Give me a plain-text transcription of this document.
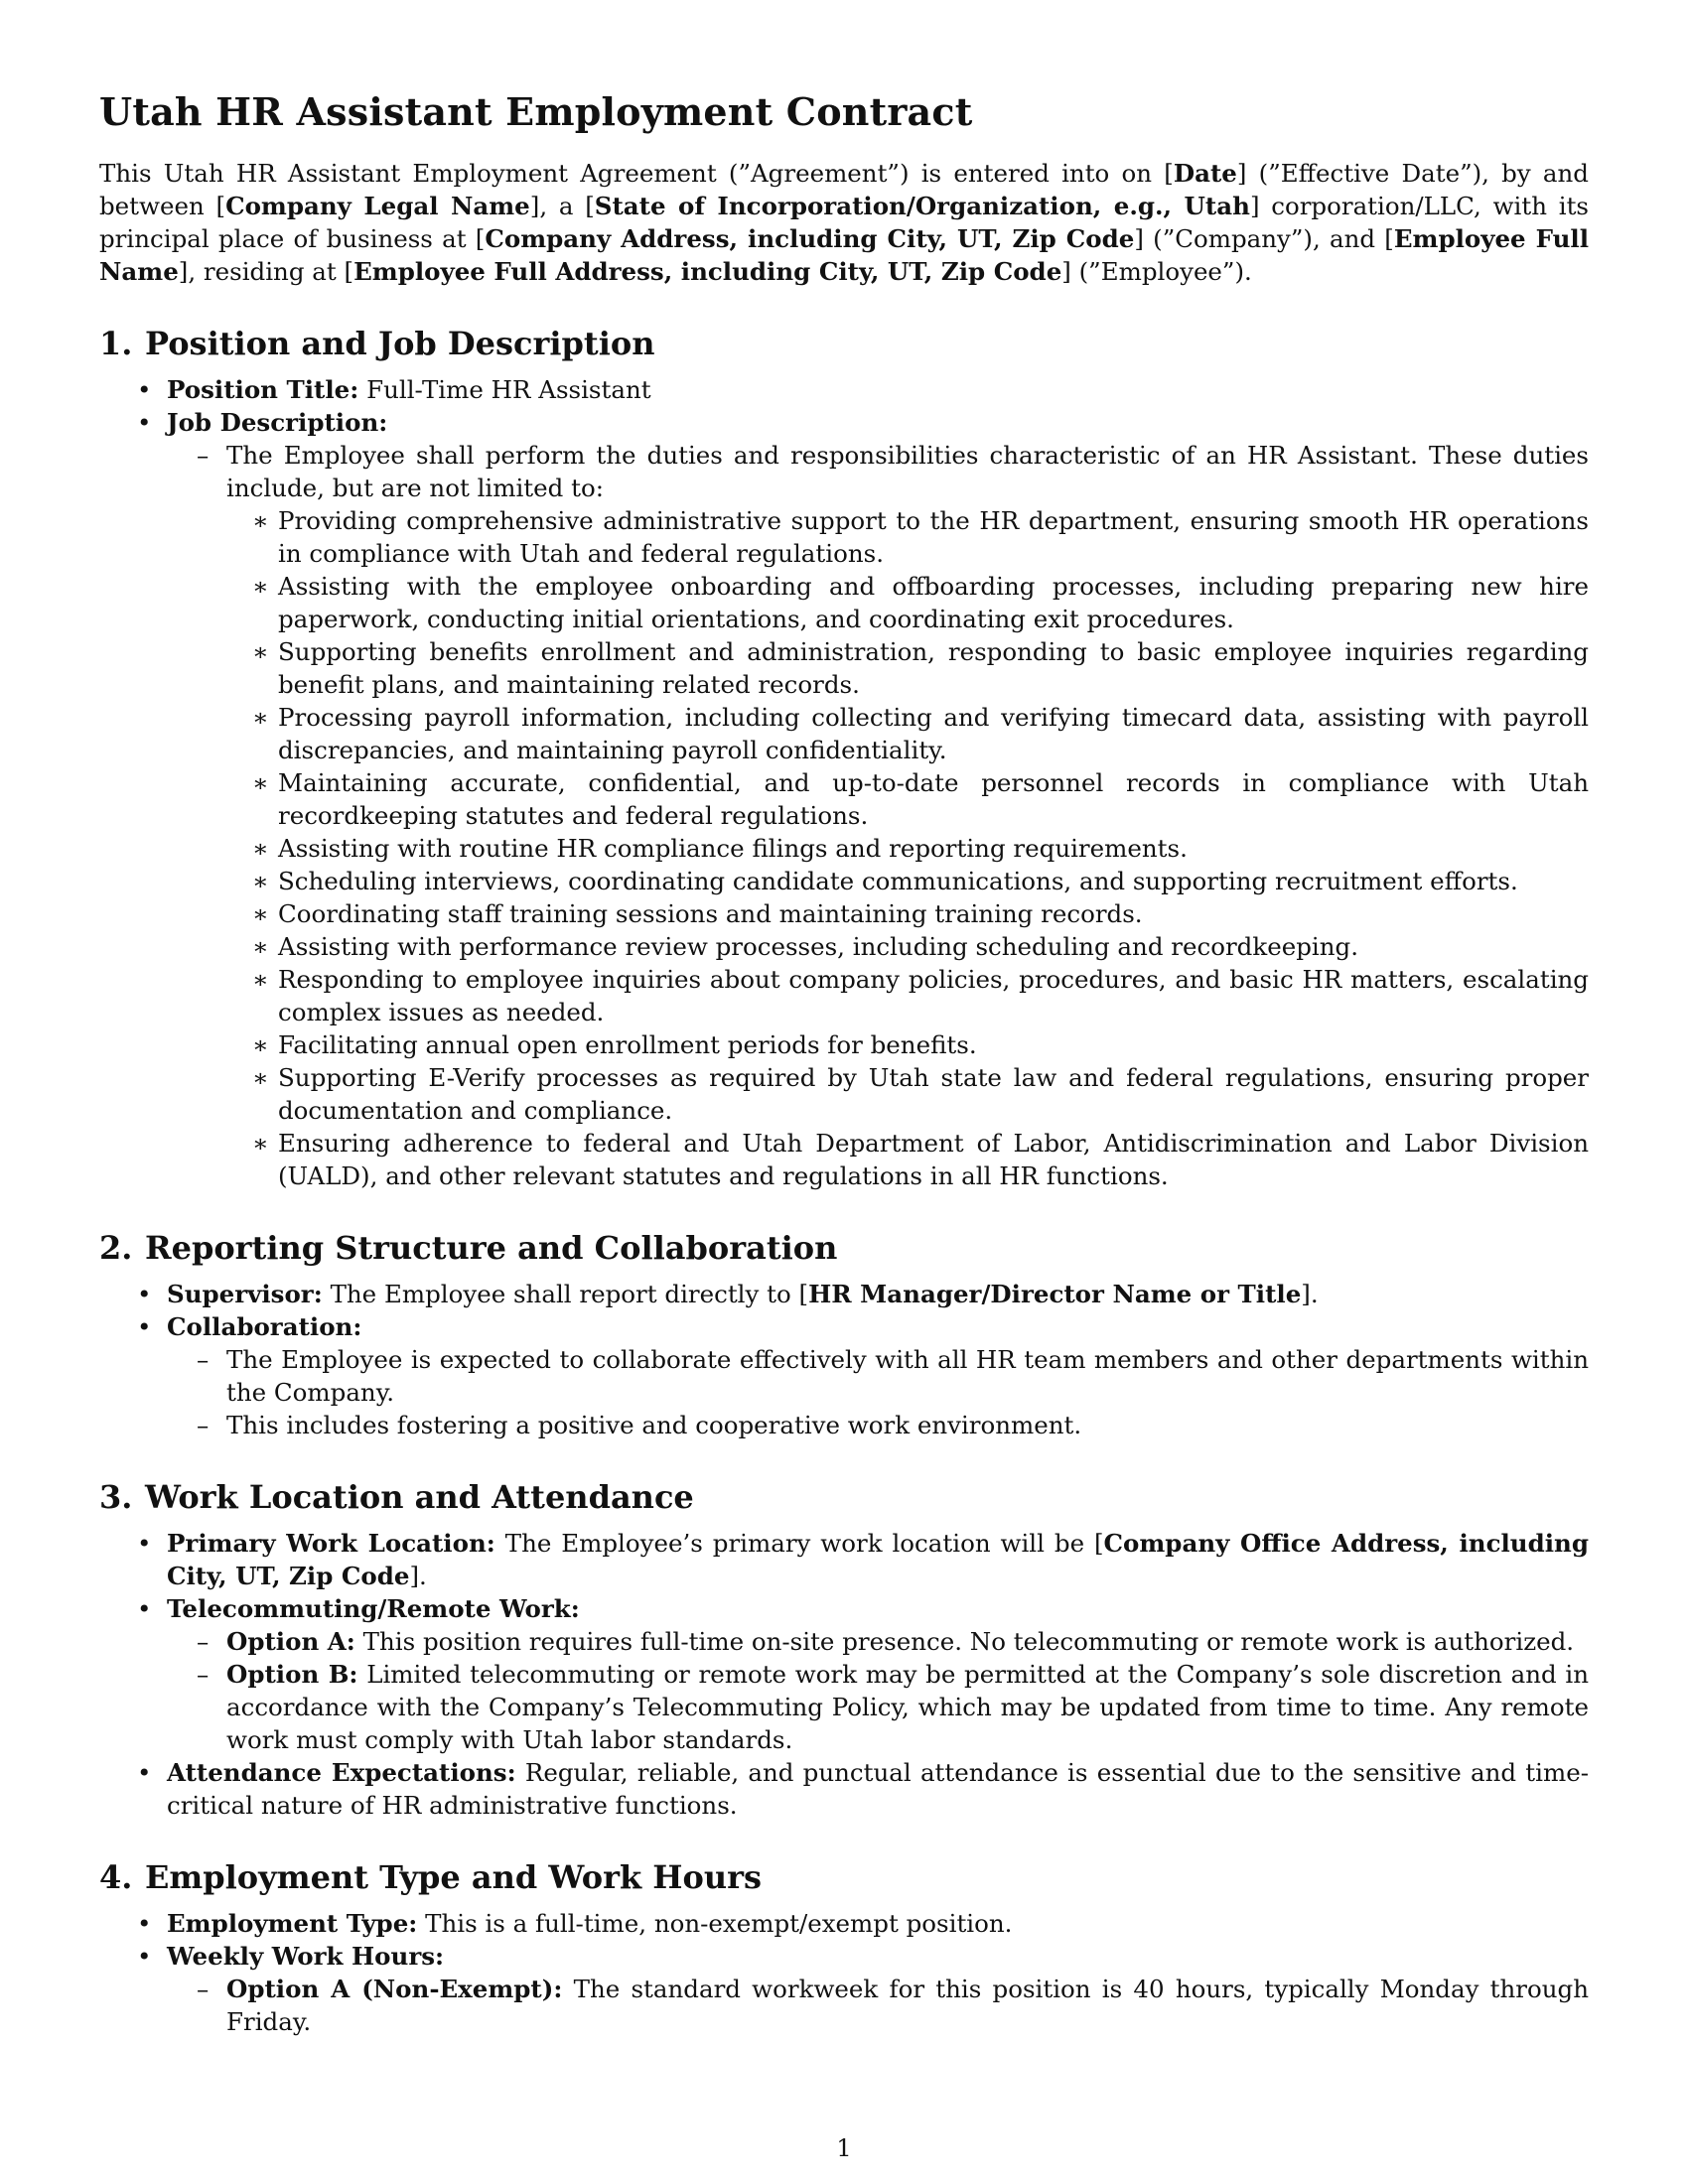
Utah HR Assistant Employment Contract

This Utah HR Assistant Employment Agreement (”Agreement”) is entered into on [Date] (”Effective Date”), by and between [Company Legal Name], a [State of Incorporation/Organization, e.g., Utah] corporation/LLC, with its principal place of business at [Company Address, including City, UT, Zip Code] (”Company”), and [Employee Full Name], residing at [Employee Full Address, including City, UT, Zip Code] (”Employee”).

1. Position and Job Description
• Position Title: Full-Time HR Assistant
• Job Description:
– The Employee shall perform the duties and responsibilities characteristic of an HR Assistant. These duties include, but are not limited to:
∗ Providing comprehensive administrative support to the HR department, ensuring smooth HR operations in compliance with Utah and federal regulations.
∗ Assisting with the employee onboarding and offboarding processes, including preparing new hire paperwork, conducting initial orientations, and coordinating exit procedures.
∗ Supporting benefits enrollment and administration, responding to basic employee inquiries regarding benefit plans, and maintaining related records.
∗ Processing payroll information, including collecting and verifying timecard data, assisting with payroll discrepancies, and maintaining payroll confidentiality.
∗ Maintaining accurate, confidential, and up-to-date personnel records in compliance with Utah recordkeeping statutes and federal regulations.
∗ Assisting with routine HR compliance filings and reporting requirements.
∗ Scheduling interviews, coordinating candidate communications, and supporting recruitment efforts.
∗ Coordinating staff training sessions and maintaining training records.
∗ Assisting with performance review processes, including scheduling and recordkeeping.
∗ Responding to employee inquiries about company policies, procedures, and basic HR matters, escalating complex issues as needed.
∗ Facilitating annual open enrollment periods for benefits.
∗ Supporting E-Verify processes as required by Utah state law and federal regulations, ensuring proper documentation and compliance.
∗ Ensuring adherence to federal and Utah Department of Labor, Antidiscrimination and Labor Division (UALD), and other relevant statutes and regulations in all HR functions.
2. Reporting Structure and Collaboration
• Supervisor: The Employee shall report directly to [HR Manager/Director Name or Title].
• Collaboration:
– The Employee is expected to collaborate effectively with all HR team members and other departments within the Company.
– This includes fostering a positive and cooperative work environment.
3. Work Location and Attendance
• Primary Work Location: The Employee’s primary work location will be [Company Office Address, including City, UT, Zip Code].
• Telecommuting/Remote Work:
– Option A: This position requires full-time on-site presence. No telecommuting or remote work is authorized.
– Option B: Limited telecommuting or remote work may be permitted at the Company’s sole discretion and in accordance with the Company’s Telecommuting Policy, which may be updated from time to time. Any remote work must comply with Utah labor standards.
• Attendance Expectations: Regular, reliable, and punctual attendance is essential due to the sensitive and time-critical nature of HR administrative functions.
4. Employment Type and Work Hours
• Employment Type: This is a full-time, non-exempt/exempt position.
• Weekly Work Hours:
– Option A (Non-Exempt): The standard workweek for this position is 40 hours, typically Monday through Friday.
1
